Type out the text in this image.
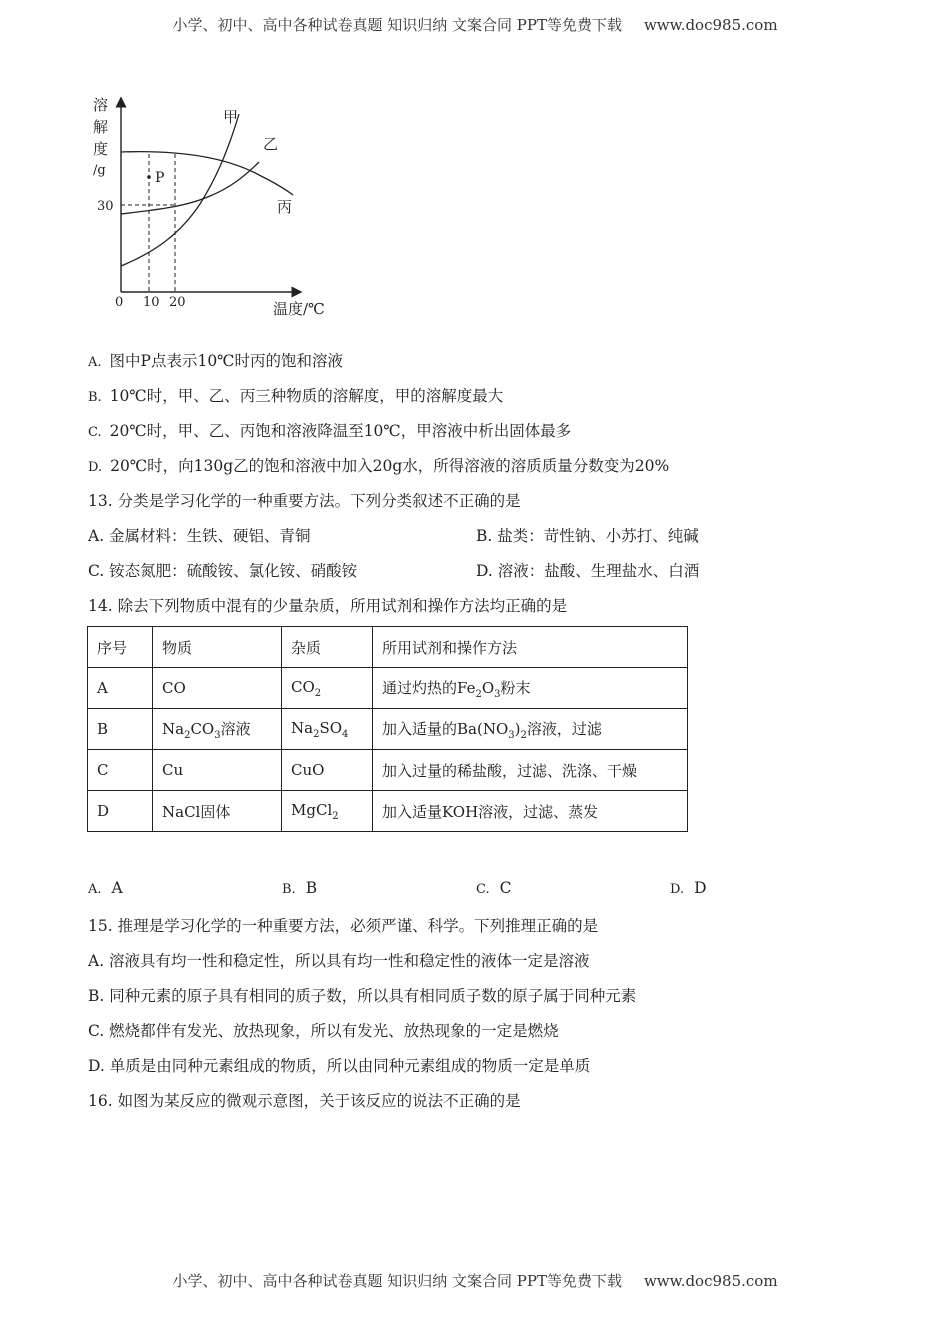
小学、初中、高中各种试卷真题 知识归纳 文案合同 PPT等免费下载 www.doc985.com
溶
解
度
/g
30
0 10 20	温度/℃
P
甲
乙
丙
A. 图中P点表示10℃时丙的饱和溶液
B. 10℃时，甲、乙、丙三种物质的溶解度，甲的溶解度最大
C. 20℃时，甲、乙、丙饱和溶液降温至10℃，甲溶液中析出固体最多
D. 20℃时，向130g乙的饱和溶液中加入20g水，所得溶液的溶质质量分数变为20%
13. 分类是学习化学的一种重要方法。下列分类叙述不正确的是
A. 金属材料：生铁、硬铝、青铜	B. 盐类：苛性钠、小苏打、纯碱
C. 铵态氮肥：硫酸铵、氯化铵、硝酸铵	D. 溶液：盐酸、生理盐水、白酒
14. 除去下列物质中混有的少量杂质，所用试剂和操作方法均正确的是
序号	物质	杂质	所用试剂和操作方法
A	CO	$CO_2$	通过灼热的$Fe_2O_3$粉末
B	$Na_2CO_3$溶液	$Na_2SO_4$	加入适量的$Ba(NO_3)_2$溶液，过滤
C	Cu	CuO	加入过量的稀盐酸，过滤、洗涤、干燥
D	NaCl固体	MgCl$_2$	加入适量KOH溶液，过滤、蒸发
A. A	B. B	C. C	D. D
15. 推理是学习化学的一种重要方法，必须严谨、科学。下列推理正确的是
A. 溶液具有均一性和稳定性，所以具有均一性和稳定性的液体一定是溶液
B. 同种元素的原子具有相同的质子数，所以具有相同质子数的原子属于同种元素
C. 燃烧都伴有发光、放热现象，所以有发光、放热现象的一定是燃烧
D. 单质是由同种元素组成的物质，所以由同种元素组成的物质一定是单质
16. 如图为某反应的微观示意图，关于该反应的说法不正确的是
小学、初中、高中各种试卷真题 知识归纳 文案合同 PPT等免费下载 www.doc985.com
